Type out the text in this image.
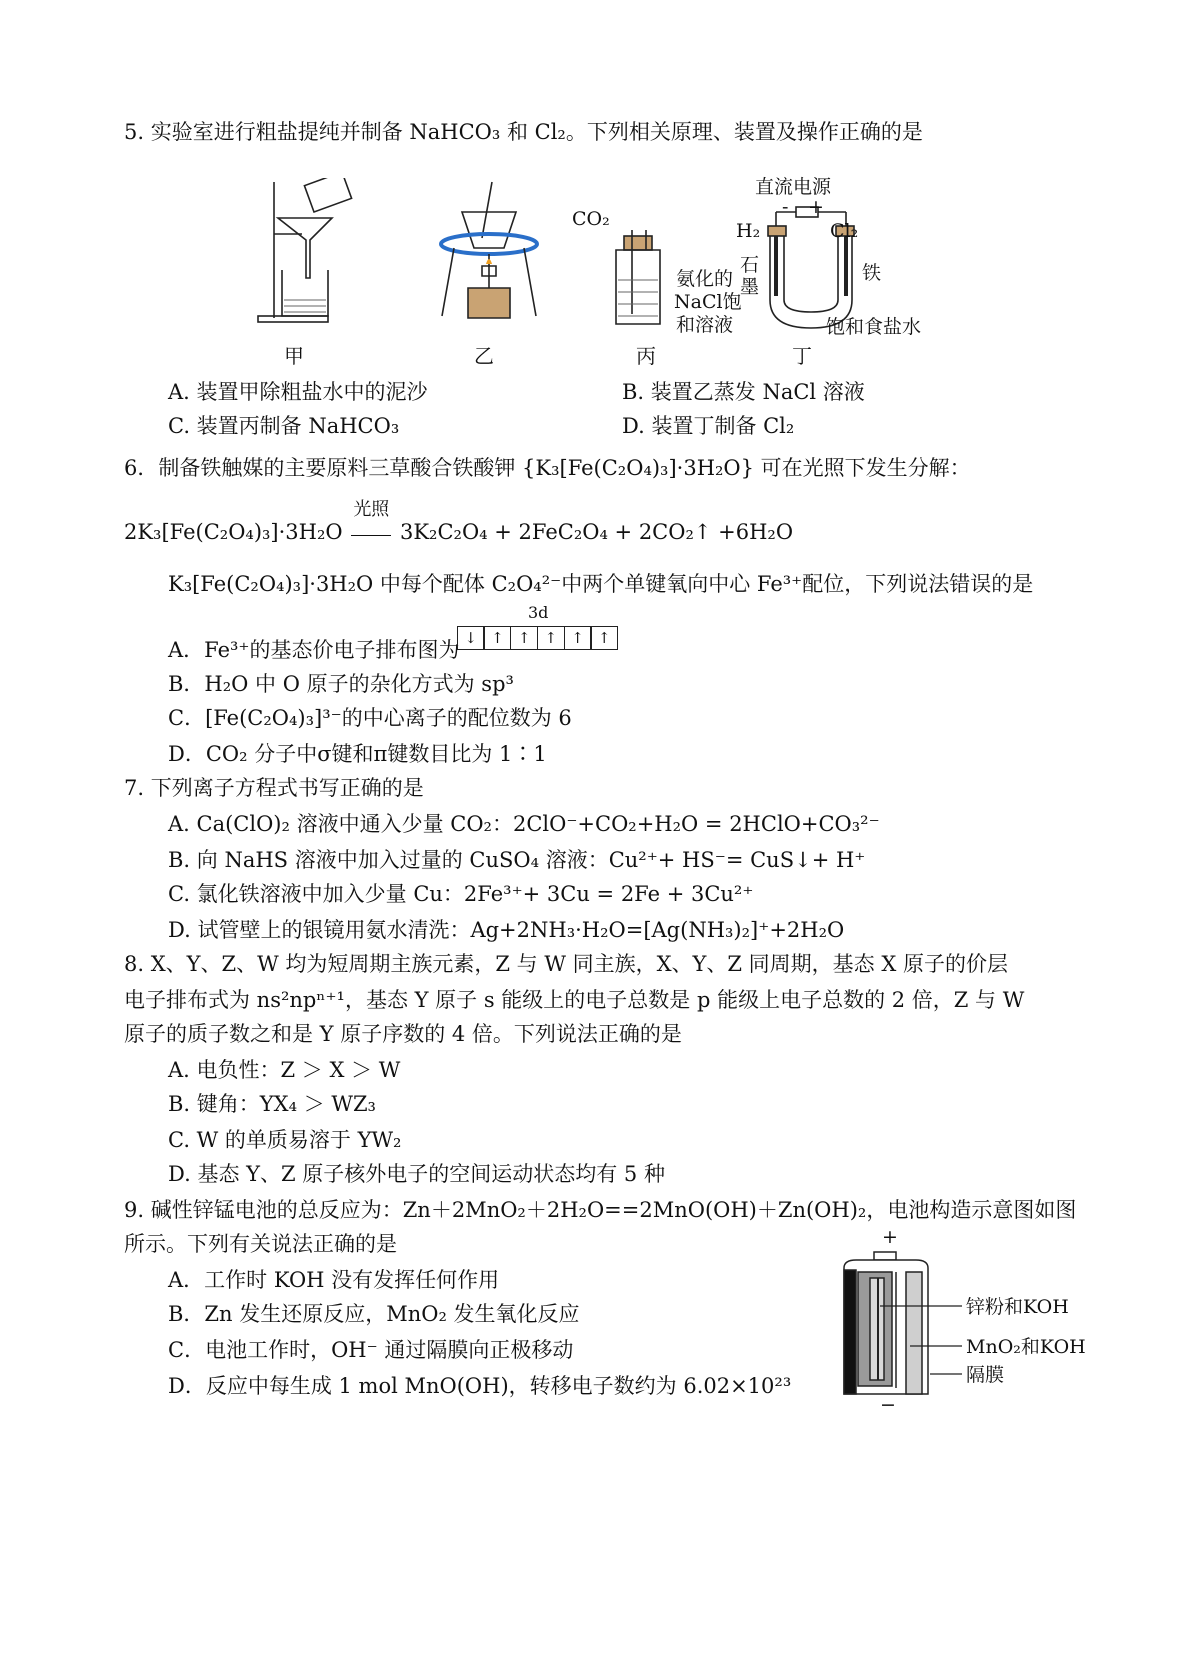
5. 实验室进行粗盐提纯并制备 NaHCO₃ 和 Cl₂。下列相关原理、装置及操作正确的是
CO₂
氨化的
NaCl饱
和溶液
直流电源
- +
H₂	Cl₂
石
墨
铁
饱和食盐水
甲	乙	丙	丁
A. 装置甲除粗盐水中的泥沙	B. 装置乙蒸发 NaCl 溶液
C. 装置丙制备 NaHCO₃	D. 装置丁制备 Cl₂
6．制备铁触媒的主要原料三草酸合铁酸钾 {K₃[Fe(C₂O₄)₃]·3H₂O} 可在光照下发生分解：
2K₃[Fe(C₂O₄)₃]·3H₂O
光照
3K₂C₂O₄ + 2FeC₂O₄ + 2CO₂↑ +6H₂O
K₃[Fe(C₂O₄)₃]·3H₂O 中每个配体 C₂O₄²⁻中两个单键氧向中心 Fe³⁺配位，下列说法错误的是
3d
A．Fe³⁺的基态价电子排布图为 ↓ ↑ ↑ ↑ ↑ ↑
B．H₂O 中 O 原子的杂化方式为 sp³
C．[Fe(C₂O₄)₃]³⁻的中心离子的配位数为 6
D．CO₂ 分子中σ键和π键数目比为 1∶1
7. 下列离子方程式书写正确的是
A. Ca(ClO)₂ 溶液中通入少量 CO₂：2ClO⁻+CO₂+H₂O = 2HClO+CO₃²⁻
B. 向 NaHS 溶液中加入过量的 CuSO₄ 溶液：Cu²⁺+ HS⁻= CuS↓+ H⁺
C. 氯化铁溶液中加入少量 Cu：2Fe³⁺+ 3Cu = 2Fe + 3Cu²⁺
D. 试管壁上的银镜用氨水清洗：Ag+2NH₃·H₂O=[Ag(NH₃)₂]⁺+2H₂O
8. X、Y、Z、W 均为短周期主族元素，Z 与 W 同主族，X、Y、Z 同周期，基态 X 原子的价层
电子排布式为 ns²npⁿ⁺¹，基态 Y 原子 s 能级上的电子总数是 p 能级上电子总数的 2 倍，Z 与 W
原子的质子数之和是 Y 原子序数的 4 倍。下列说法正确的是
A. 电负性：Z ＞ X ＞ W
B. 键角：YX₄ ＞ WZ₃
C. W 的单质易溶于 YW₂
D. 基态 Y、Z 原子核外电子的空间运动状态均有 5 种
9. 碱性锌锰电池的总反应为：Zn＋2MnO₂＋2H₂O==2MnO(OH)＋Zn(OH)₂，电池构造示意图如图
所示。下列有关说法正确的是
A．工作时 KOH 没有发挥任何作用
B．Zn 发生还原反应，MnO₂ 发生氧化反应
C．电池工作时，OH⁻ 通过隔膜向正极移动
D．反应中每生成 1 mol MnO(OH)，转移电子数约为 6.02×10²³
+
−
锌粉和KOH
MnO₂和KOH
隔膜
